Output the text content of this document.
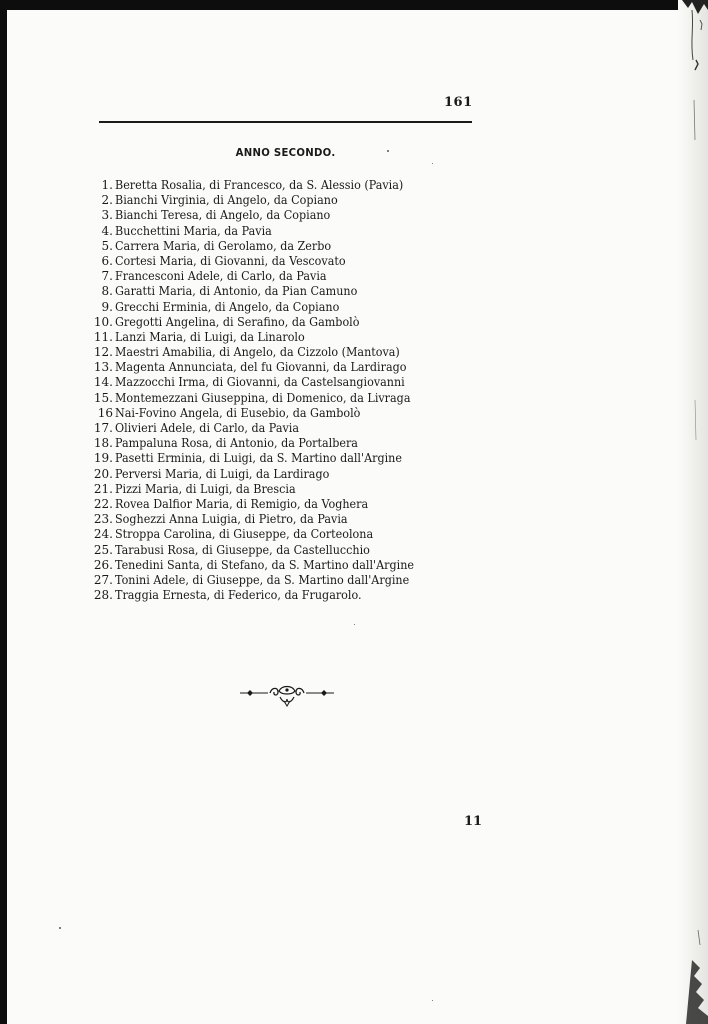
161
ANNO SECONDO.
1. Beretta Rosalia, di Francesco, da S. Alessio (Pavia)
2. Bianchi Virginia, di Angelo, da Copiano
3. Bianchi Teresa, di Angelo, da Copiano
4. Bucchettini Maria, da Pavia
5. Carrera Maria, di Gerolamo, da Zerbo
6. Cortesi Maria, di Giovanni, da Vescovato
7. Francesconi Adele, di Carlo, da Pavia
8. Garatti Maria, di Antonio, da Pian Camuno
9. Grecchi Erminia, di Angelo, da Copiano
10. Gregotti Angelina, di Serafino, da Gambolò
11. Lanzi Maria, di Luigi, da Linarolo
12. Maestri Amabilia, di Angelo, da Cizzolo (Mantova)
13. Magenta Annunciata, del fu Giovanni, da Lardirago
14. Mazzocchi Irma, di Giovanni, da Castelsangiovanni
15. Montemezzani Giuseppina, di Domenico, da Livraga
16 Nai-Fovino Angela, di Eusebio, da Gambolò
17. Olivieri Adele, di Carlo, da Pavia
18. Pampaluna Rosa, di Antonio, da Portalbera
19. Pasetti Erminia, di Luigi, da S. Martino dall'Argine
20. Perversi Maria, di Luigi, da Lardirago
21. Pizzi Maria, di Luigi, da Brescia
22. Rovea Dalfior Maria, di Remigio, da Voghera
23. Soghezzi Anna Luigia, di Pietro, da Pavia
24. Stroppa Carolina, di Giuseppe, da Corteolona
25. Tarabusi Rosa, di Giuseppe, da Castellucchio
26. Tenedini Santa, di Stefano, da S. Martino dall'Argine
27. Tonini Adele, di Giuseppe, da S. Martino dall'Argine
28. Traggia Ernesta, di Federico, da Frugarolo.
11
